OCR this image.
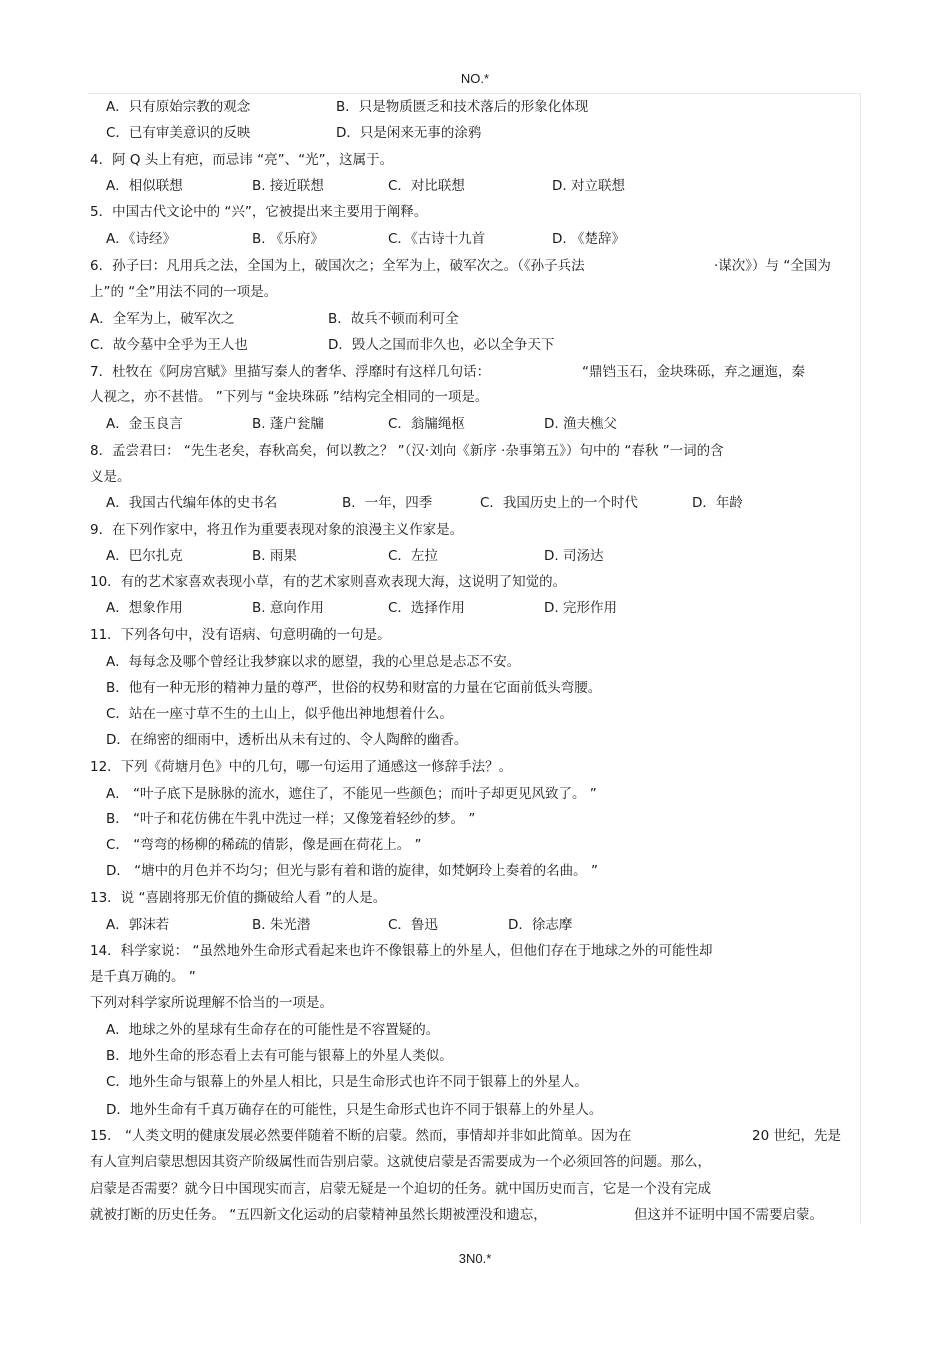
NO.*
A．只有原始宗教的观念	B．只是物质匮乏和技术落后的形象化体现
C．已有审美意识的反映	D．只是闲来无事的涂鸦
4．阿 Q 头上有疤，而忌讳 “亮”、“光”，这属于。
A．相似联想	B. 接近联想	C．对比联想	D. 对立联想
5．中国古代文论中的 “兴”，它被提出来主要用于阐释。
A．《诗经》	B. 《乐府》	C．《古诗十九首	D. 《楚辞》
6．孙子曰：凡用兵之法，全国为上，破国次之；全军为上，破军次之。（《孙子兵法	·谋次》）与 “全国为
上”的 “全”用法不同的一项是。
A．全军为上，破军次之	B．故兵不顿而利可全
C．故今墓中全乎为王人也	D．毁人之国而非久也，必以全争天下
7．杜牧在《阿房宫赋》里描写秦人的奢华、浮靡时有这样几句话：	“鼎铛玉石，金块珠砾，弃之逦迤，秦
人视之，亦不甚惜。 ”下列与 “金块珠砾 ”结构完全相同的一项是。
A．金玉良言	B. 蓬户瓮牖	C．翁牖绳枢	D. 渔夫樵父
8．孟尝君曰： “先生老矣，春秋高矣，何以教之？ ”（汉·刘向《新序 ·杂事第五》）句中的 “春秋 ”一词的含
义是。
A．我国古代编年体的史书名	B．一年，四季	C．我国历史上的一个时代	D．年龄
9．在下列作家中，将丑作为重要表现对象的浪漫主义作家是。
A．巴尔扎克	B. 雨果	C．左拉	D. 司汤达
10．有的艺术家喜欢表现小草，有的艺术家则喜欢表现大海，这说明了知觉的。
A．想象作用	B. 意向作用	C．选择作用	D. 完形作用
11．下列各句中，没有语病、句意明确的一句是。
A．每每念及哪个曾经让我梦寐以求的愿望，我的心里总是忐忑不安。
B．他有一种无形的精神力量的尊严，世俗的权势和财富的力量在它面前低头弯腰。
C．站在一座寸草不生的土山上，似乎他出神地想着什么。
D．在绵密的细雨中，透析出从未有过的、令人陶醉的幽香。
12．下列《荷塘月色》中的几句，哪一句运用了通感这一修辞手法？。
A． “叶子底下是脉脉的流水，遮住了，不能见一些颜色；而叶子却更见风致了。 ”
B． “叶子和花仿佛在牛乳中洗过一样；又像笼着轻纱的梦。 ”
C． “弯弯的杨柳的稀疏的倩影，像是画在荷花上。 ”
D． “塘中的月色并不均匀；但光与影有着和谐的旋律，如梵婀玲上奏着的名曲。 ”
13．说 “喜剧将那无价值的撕破给人看 ”的人是。
A．郭沫若	B. 朱光潜	C．鲁迅	D．徐志摩
14．科学家说： “虽然地外生命形式看起来也许不像银幕上的外星人，但他们存在于地球之外的可能性却
是千真万确的。 ”
下列对科学家所说理解不恰当的一项是。
A．地球之外的星球有生命存在的可能性是不容置疑的。
B．地外生命的形态看上去有可能与银幕上的外星人类似。
C．地外生命与银幕上的外星人相比，只是生命形式也许不同于银幕上的外星人。
D．地外生命有千真万确存在的可能性，只是生命形式也许不同于银幕上的外星人。
15． “人类文明的健康发展必然要伴随着不断的启蒙。然而，事情却并非如此简单。因为在	20 世纪，先是
有人宣判启蒙思想因其资产阶级属性而告别启蒙。这就使启蒙是否需要成为一个必须回答的问题。那么，
启蒙是否需要？就今日中国现实而言，启蒙无疑是一个迫切的任务。就中国历史而言，它是一个没有完成
就被打断的历史任务。 “五四新文化运动的启蒙精神虽然长期被湮没和遗忘，	但这并不证明中国不需要启蒙。
3N0.*
